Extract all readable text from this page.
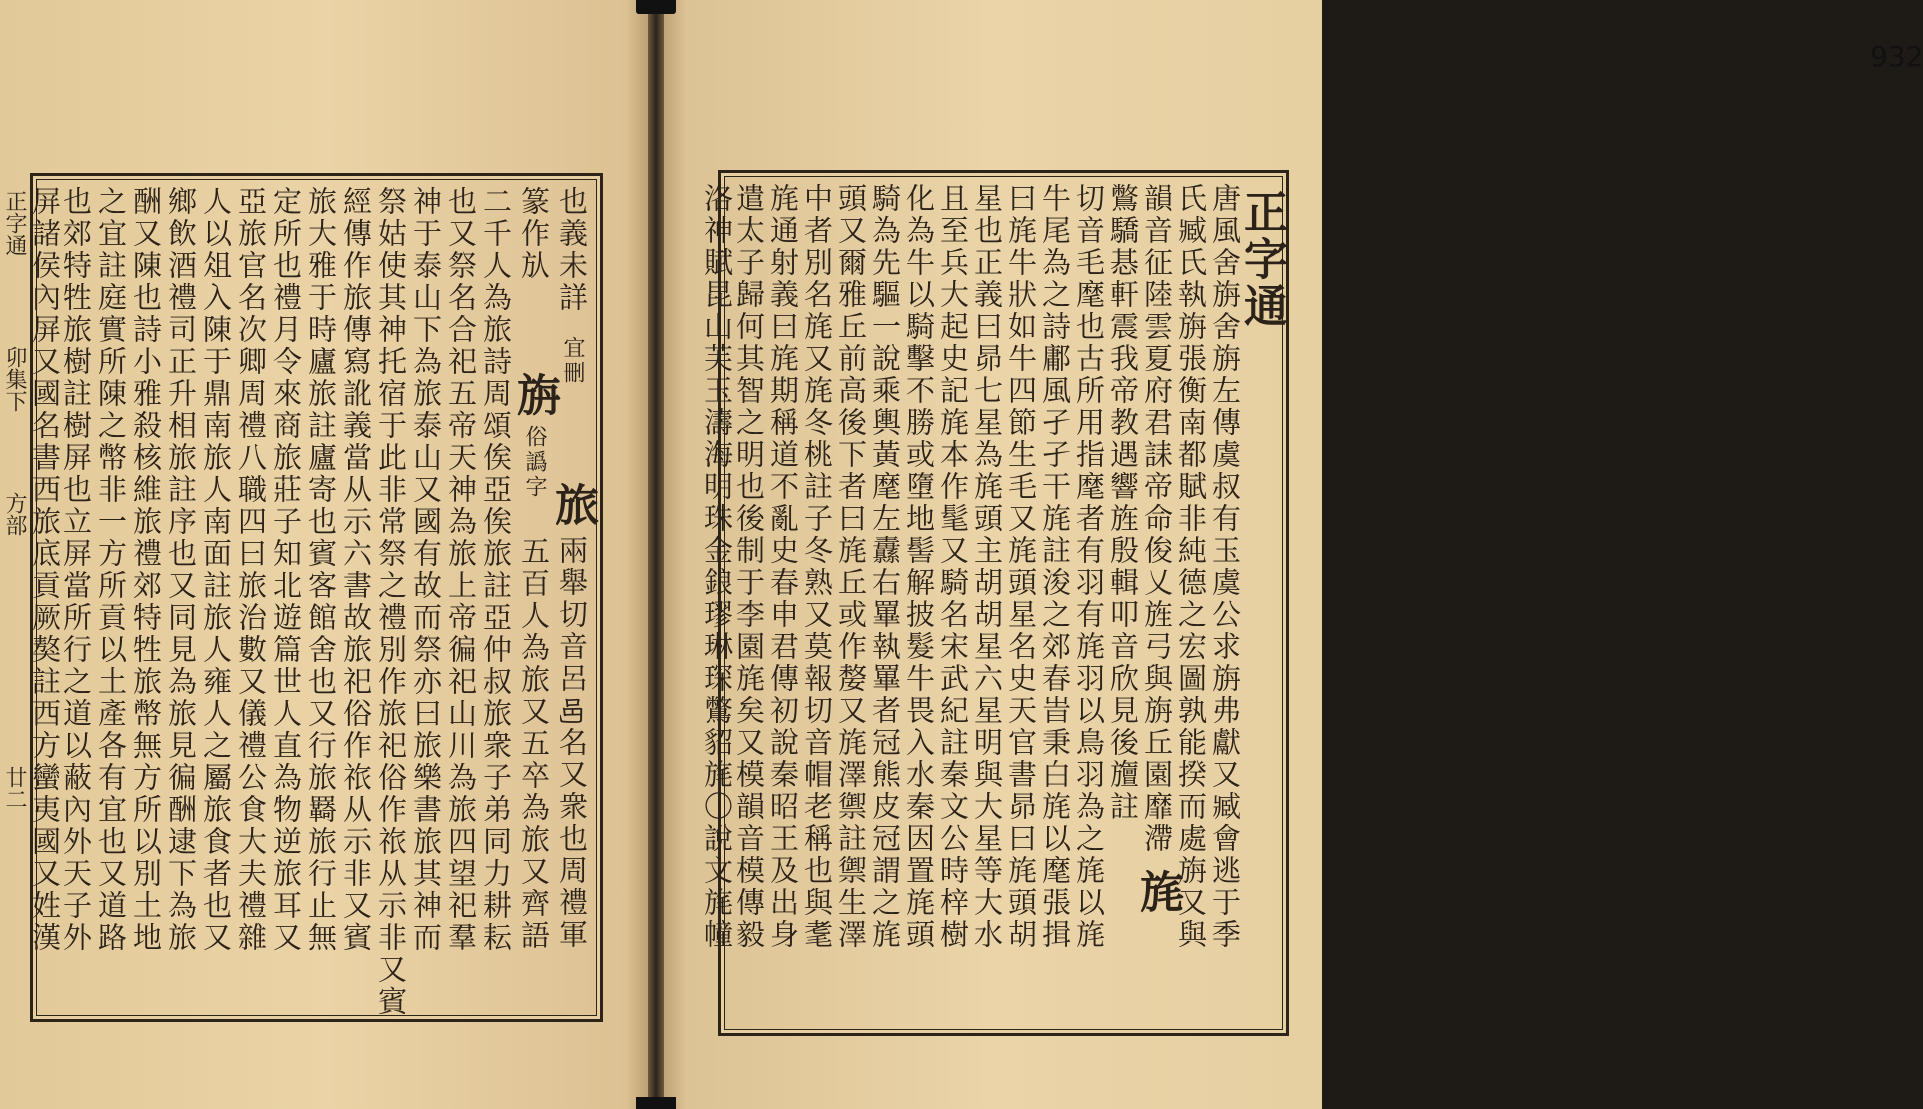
也義未詳
篆作㫃
旃俗譌字
宜刪
旅兩舉切音呂𨙨名又衆也周禮軍
五百人為旅又五卒為旅又齊語
二千人為旅詩周頌俟亞俟旅註亞仲叔旅衆子弟同力耕耘
也又祭名合祀五帝天神為旅上帝徧祀山川為旅四望祀羣
神于泰山下為旅泰山又國有故而祭亦曰旅樂書旅其神而
祭姑使其神托宿于此非常祭之禮別作旅祀俗作祣从示非又賓
經傳作旅傳寫訛義當从示六書故旅祀俗作祣从示非又賓
旅大雅于時廬旅註廬寄也賓客館舍也又行旅羇旅行止無
定所也禮月令來商旅莊子知北遊篇世人直為物逆旅耳又
亞旅官名次卿周禮八職四曰旅治數又儀禮公食大夫禮雜
人以俎入陳于鼎南旅人南面註旅人雍人之屬旅食者也又
鄉飲酒禮司正升相旅註序也又同見為旅見徧酬逮下為旅
酬又陳也詩小雅殺核維旅禮郊特牲旅幣無方所以別土地
之宜註庭實所陳之幣非一方所貢以土產各有宜也又道路
也郊特牲旅樹註樹屏也立屏當所行之道以蔽內外天子外
屏諸侯內屏又國名書西旅底貢厥獒註西方蠻夷國又姓漢
正字通  卯集下  方部  廿二
932
正字通
唐風舍旃舍旃左傳虞叔有玉虞公求旃弗獻又臧會逃于季
氏臧氏執旃張衡南都賦非純德之宏圖孰能揆而處旃又與
韻音征陸雲夏府君誄帝命俊乂旌弓與旃丘園靡滯
旄
鷩驕惎軒震我帝教遇響旌殷輯叩音欣見後旜註
切音毛麾也古所用指麾者有羽有旄羽以鳥羽為之旄以旄
牛尾為之詩鄘風孑孑干旄註浚之郊春旹秉白旄以麾張揖
曰旄牛狀如牛四節生毛又旄頭星名史天官書昴曰旄頭胡
星也正義曰昴七星為旄頭主胡胡星六星明與大星等大水
且至兵大起史記旄本作髦又騎名宋武紀註秦文公時梓樹
化為牛以騎擊不勝或墮地髻解披髮牛畏入水秦因置旄頭
騎為先驅一說乘輿黃麾左纛右罼執罼者冠熊皮冠謂之旄
頭又爾雅丘前高後下者曰旄丘或作嫠又旄澤禦註禦生澤
中者別名旄又旄冬桃註子冬熟又莫報切音帽老稱也與耄
旄通射義曰旄期稱道不亂史春申君傳初說秦昭王及出身
遣太子歸何其智之明也後制于李園旄矣又模韻音模傳毅
洛神賦昆山芙玉濤海明珠金鋃璆琳琛鷩貂旄〇說文旄幢
